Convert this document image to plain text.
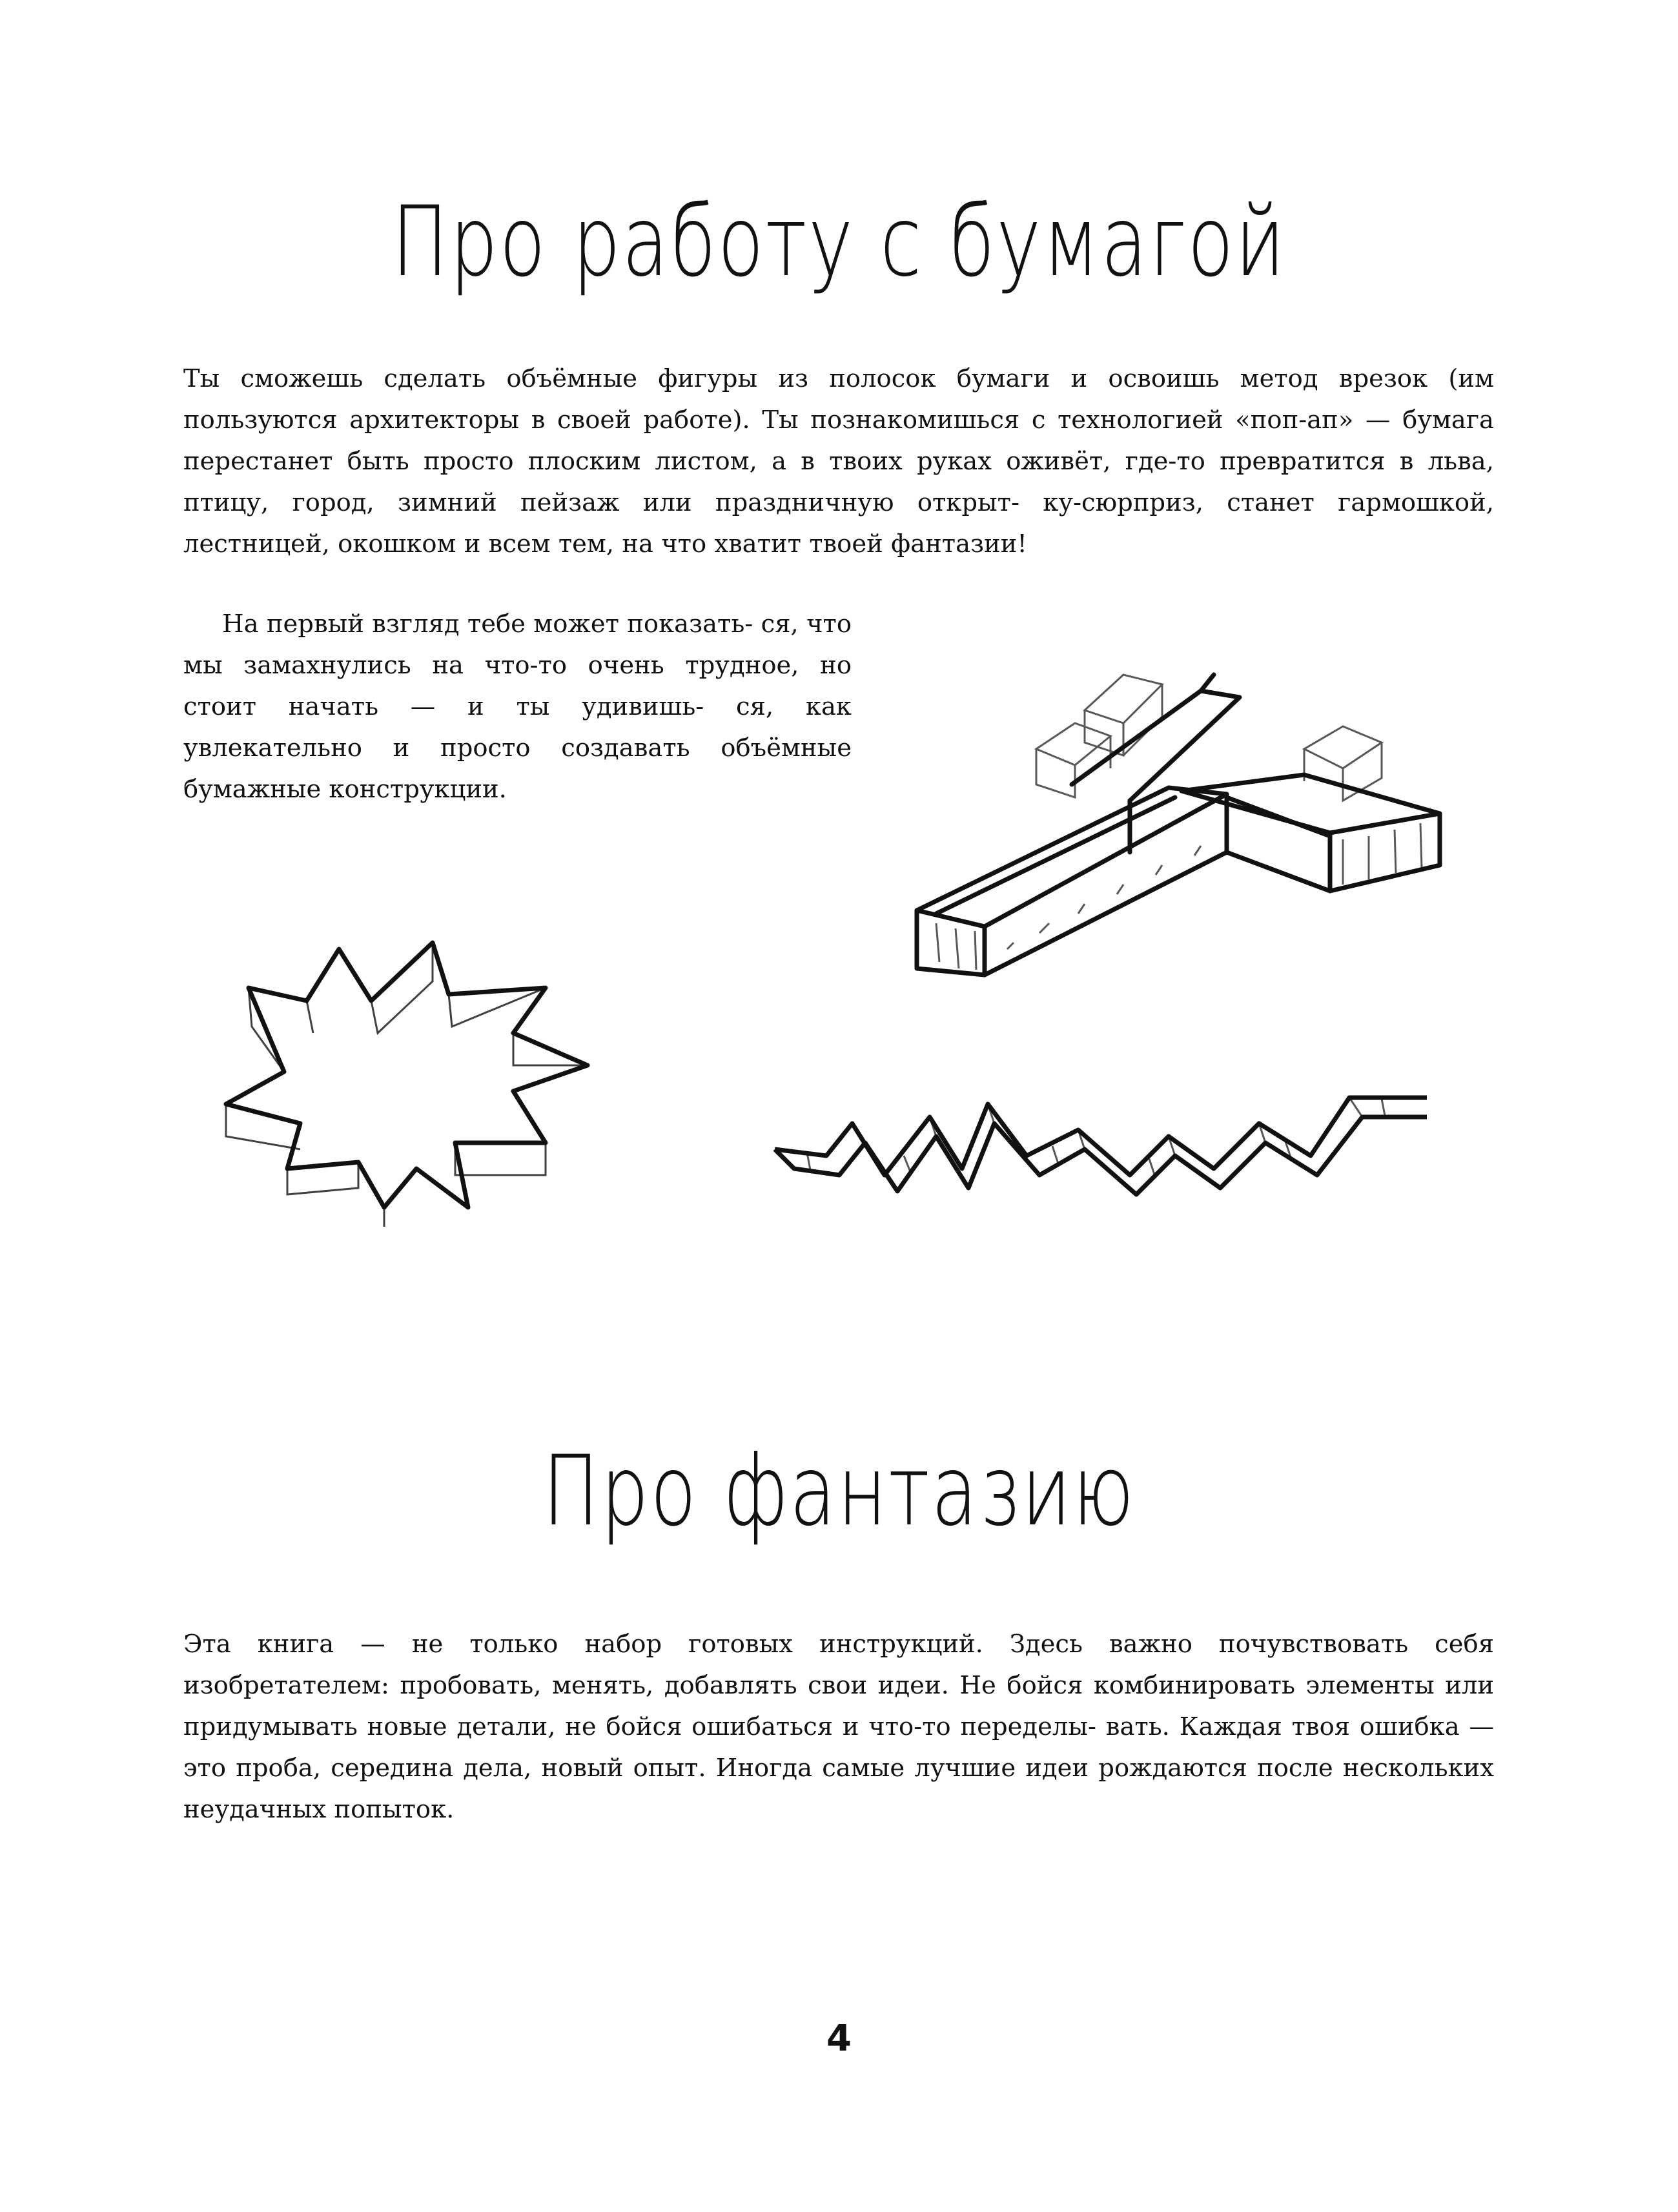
Про работу с бумагой

Ты сможешь сделать объёмные фигуры из полосок бумаги и освоишь метод врезок (им пользуются архитекторы в своей работе). Ты познакомишься с технологией «поп-ап» — бумага перестанет быть просто плоским листом, а в твоих руках оживёт, где-то превратится в льва, птицу, город, зимний пейзаж или праздничную открыт- ку-сюрприз, станет гармошкой, лестницей, окошком и всем тем, на что хватит твоей фантазии!

На первый взгляд тебе может показать- ся, что мы замахнулись на что-то очень трудное, но стоит начать — и ты удивишь- ся, как увлекательно и просто создавать объёмные бумажные конструкции.

Про фантазию

Эта книга — не только набор готовых инструкций. Здесь важно почувствовать себя изобретателем: пробовать, менять, добавлять свои идеи. Не бойся комбинировать элементы или придумывать новые детали, не бойся ошибаться и что-то переделы- вать. Каждая твоя ошибка — это проба, середина дела, новый опыт. Иногда самые лучшие идеи рождаются после нескольких неудачных попыток.

4
